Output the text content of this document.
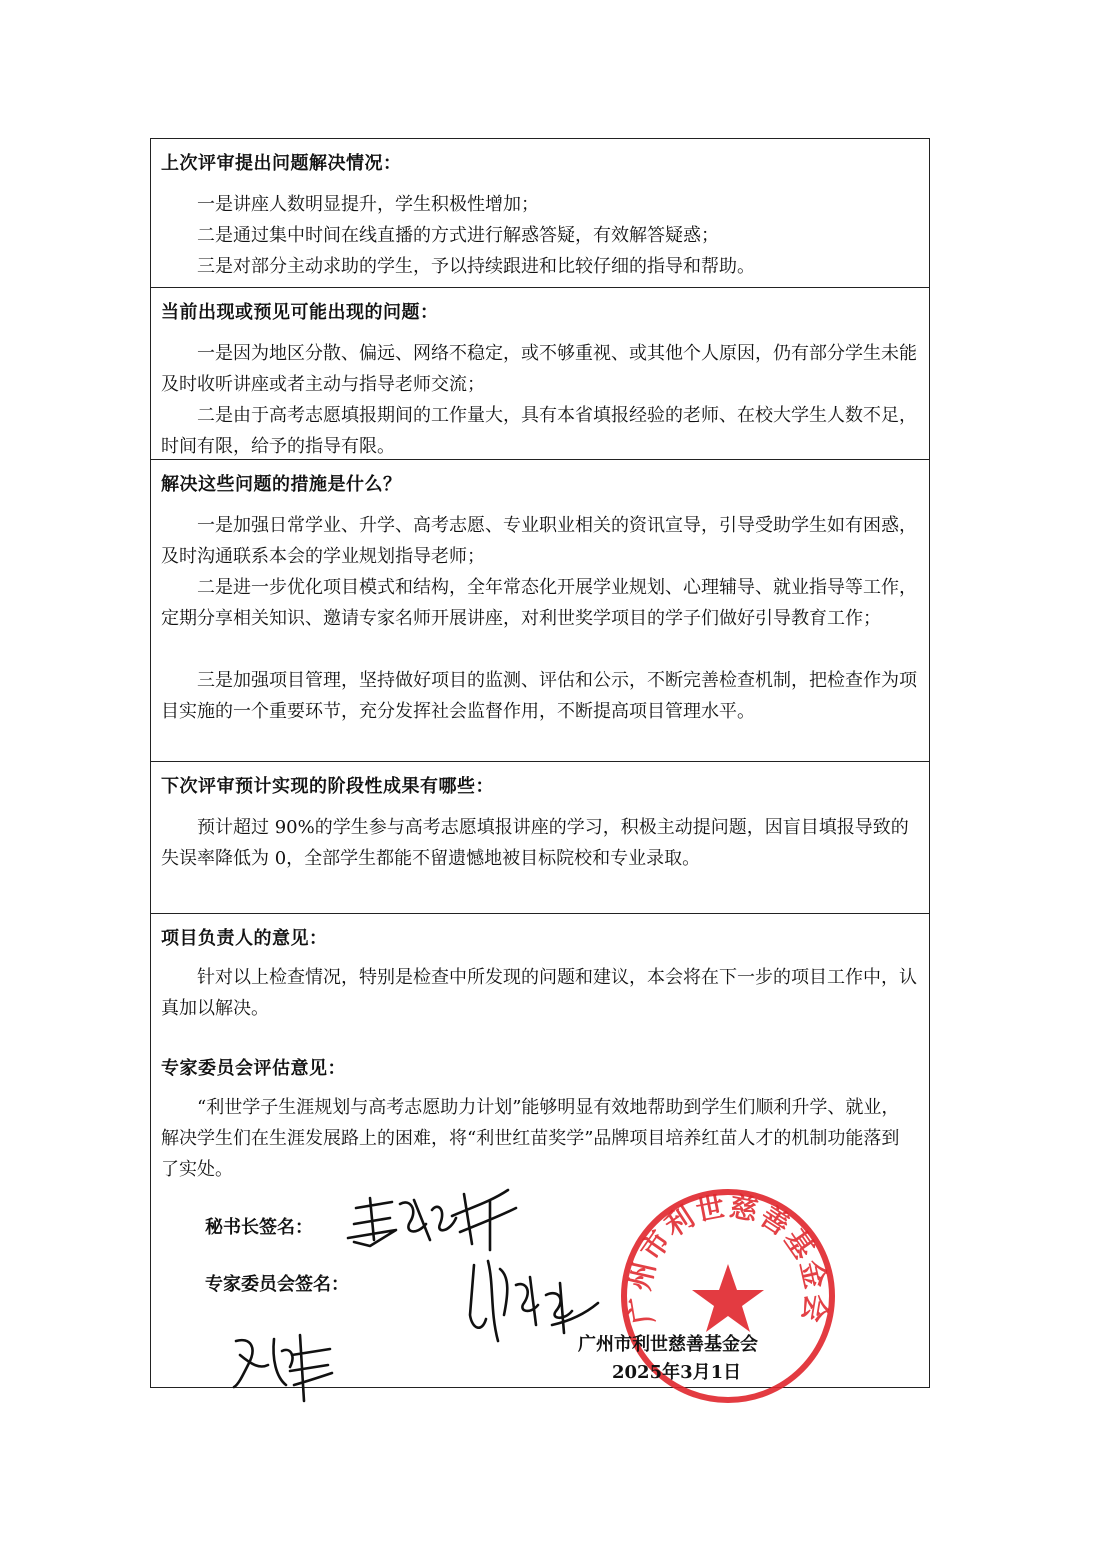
上次评审提出问题解决情况：
一是讲座人数明显提升，学生积极性增加；
二是通过集中时间在线直播的方式进行解惑答疑，有效解答疑惑；
三是对部分主动求助的学生，予以持续跟进和比较仔细的指导和帮助。
当前出现或预见可能出现的问题：
一是因为地区分散、偏远、网络不稳定，或不够重视、或其他个人原因，仍有部分学生未能及时收听讲座或者主动与指导老师交流；
二是由于高考志愿填报期间的工作量大，具有本省填报经验的老师、在校大学生人数不足，时间有限，给予的指导有限。
解决这些问题的措施是什么？
一是加强日常学业、升学、高考志愿、专业职业相关的资讯宣导，引导受助学生如有困惑，及时沟通联系本会的学业规划指导老师；
二是进一步优化项目模式和结构，全年常态化开展学业规划、心理辅导、就业指导等工作，定期分享相关知识、邀请专家名师开展讲座，对利世奖学项目的学子们做好引导教育工作；
三是加强项目管理，坚持做好项目的监测、评估和公示，不断完善检查机制，把检查作为项目实施的一个重要环节，充分发挥社会监督作用，不断提高项目管理水平。
下次评审预计实现的阶段性成果有哪些：
预计超过 90%的学生参与高考志愿填报讲座的学习，积极主动提问题，因盲目填报导致的失误率降低为 0，全部学生都能不留遗憾地被目标院校和专业录取。
项目负责人的意见：
针对以上检查情况，特别是检查中所发现的问题和建议，本会将在下一步的项目工作中，认真加以解决。
专家委员会评估意见：
“利世学子生涯规划与高考志愿助力计划”能够明显有效地帮助到学生们顺利升学、就业，解决学生们在生涯发展路上的困难，将“利世红苗奖学”品牌项目培养红苗人才的机制功能落到了实处。
秘书长签名：
专家委员会签名：
广州市利世慈善基金会
广州市利世慈善基金会
2025年3月1日
